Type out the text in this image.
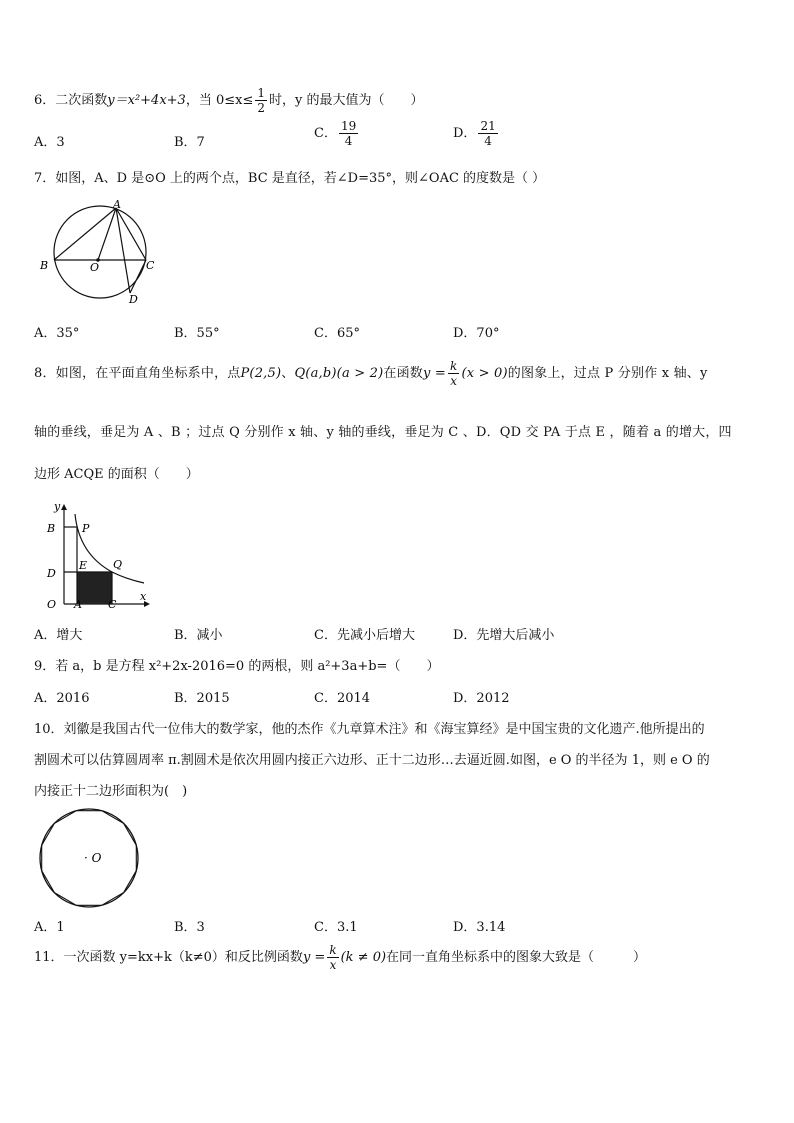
6．二次函数y＝x²+4x+3，当 $0\le x\le \frac{1}{2}$ 时，y 的最大值为（　　）
A．3	B．7
C． $\frac{19}{4}$	D． $\frac{21}{4}$
7．如图，A、D 是⊙O 上的两个点，BC 是直径，若∠D=35°，则∠OAC 的度数是（ ）
A
B	O	C
D
A．35°	B．55°	C．65°	D．70°
8．如图，在平面直角坐标系中，点P(2,5)、Q(a,b)(a > 2)在函数$y = \frac{k}{x} (x > 0)$的图象上，过点 P 分别作 x 轴、y
轴的垂线，垂足为 A 、B ；过点 Q 分别作 x 轴、y 轴的垂线，垂足为 C 、D．QD 交 PA 于点 E ，随着 a 的增大，四
边形 ACQE 的面积（　　）
y
B P
D
E Q
O A C
x
A．增大	B．减小	C．先减小后增大	D．先增大后减小
9．若 a，b 是方程 x²+2x-2016=0 的两根，则 a²+3a+b=（　　）
A．2016	B．2015	C．2014	D．2012
10．刘徽是我国古代一位伟大的数学家，他的杰作《九章算术注》和《海宝算经》是中国宝贵的文化遗产.他所提出的
割圆术可以估算圆周率 π.割圆术是依次用圆内接正六边形、正十二边形…去逼近圆.如图，e O 的半径为 1，则 e O 的
内接正十二边形面积为(　)
· O
A．1	B．3	C．3.1	D．3.14
11．一次函数 y=kx+k（k≠0）和反比例函数$y = \frac{k}{x} (k \ne 0)$在同一直角坐标系中的图象大致是（　　　）
